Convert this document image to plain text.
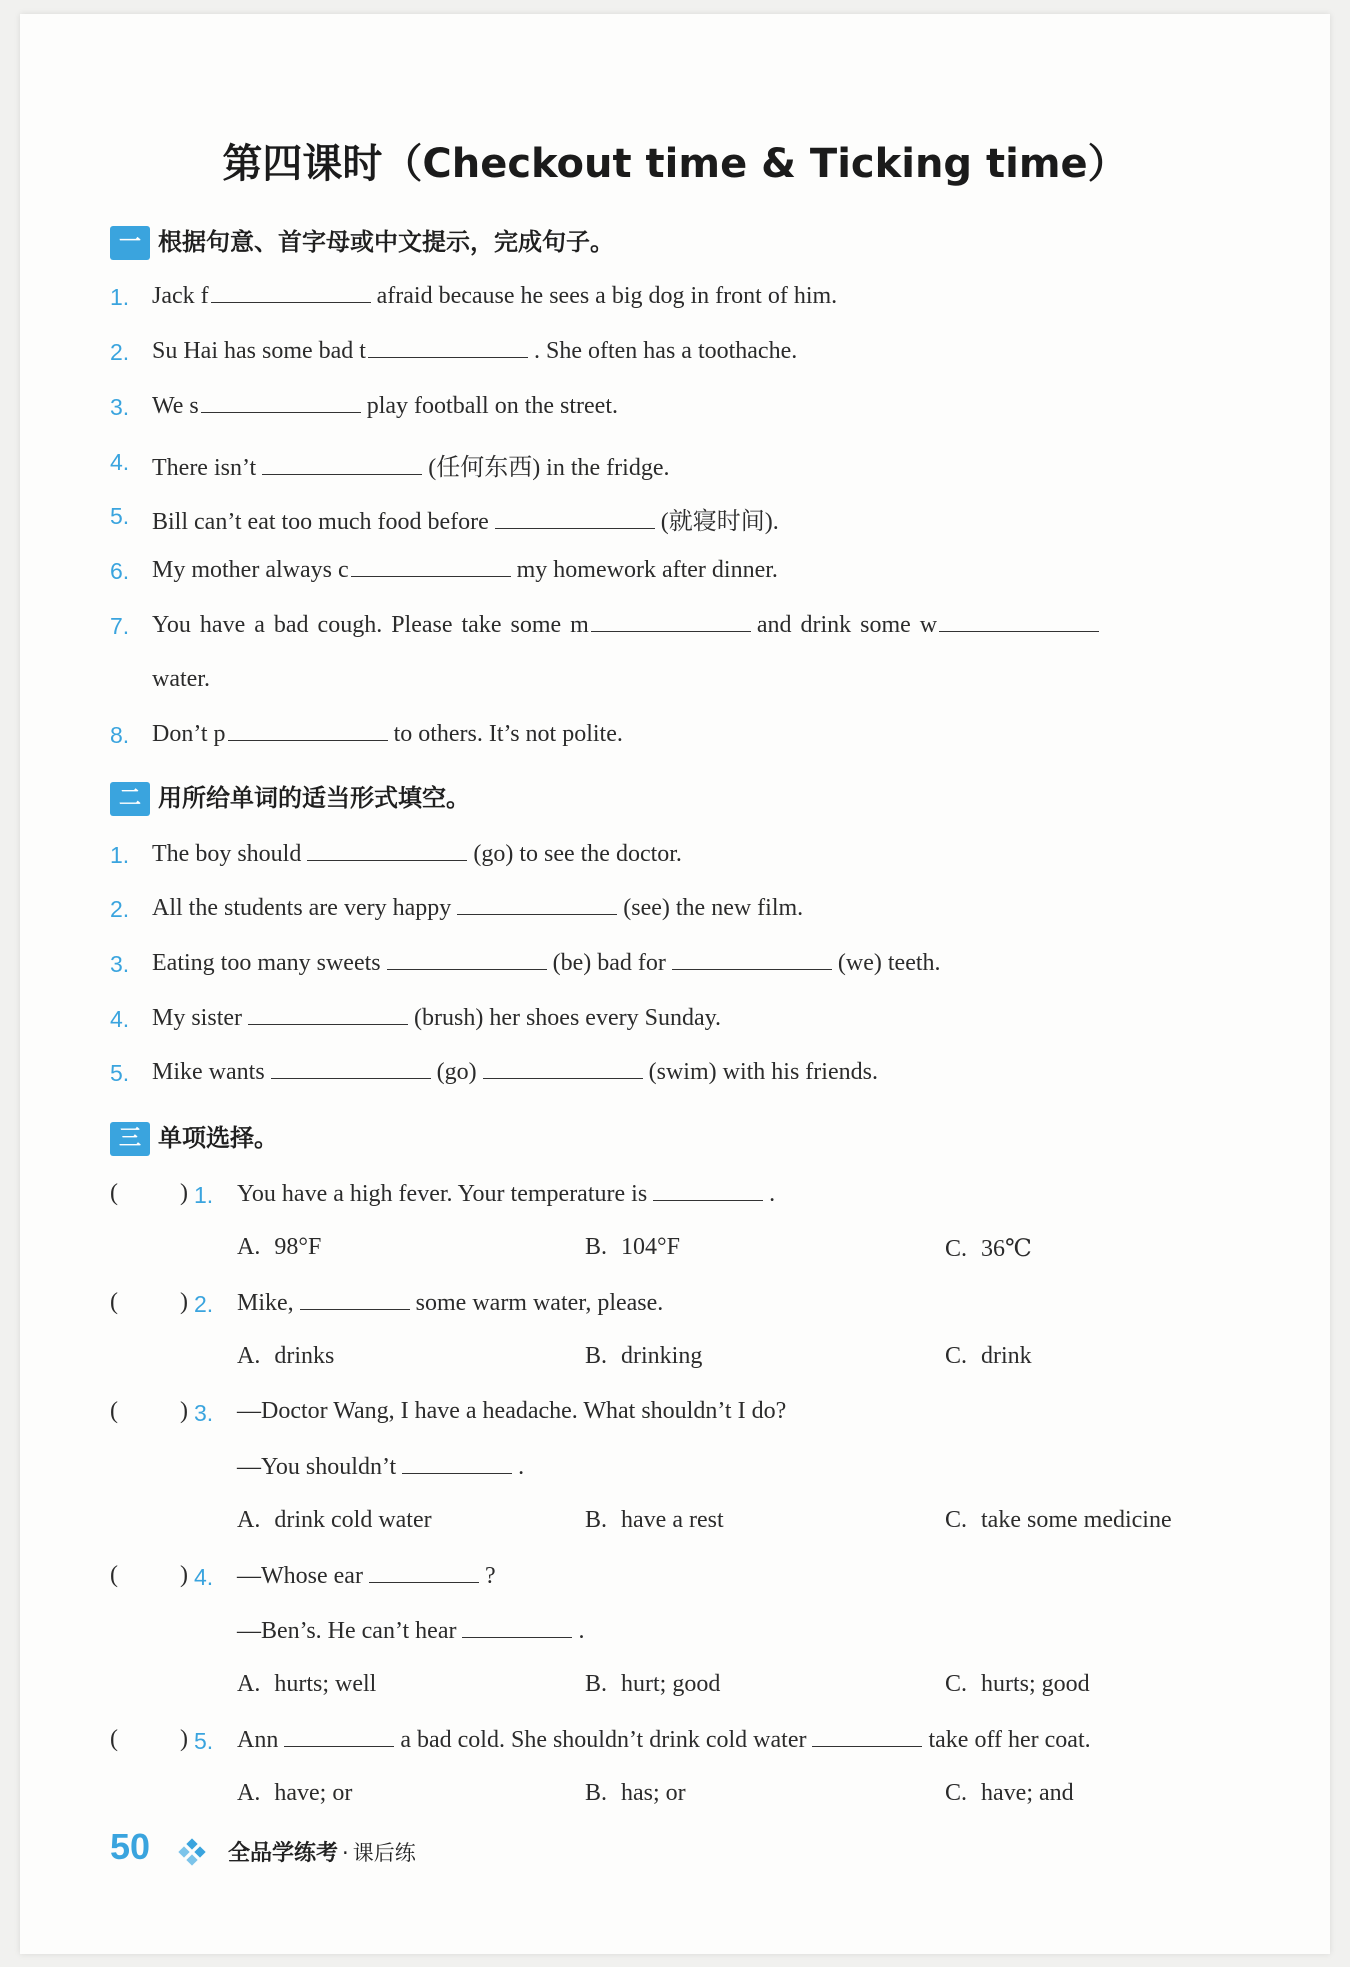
第四课时（Checkout time & Ticking time）
一 根据句意、首字母或中文提示，完成句子。
1. Jack f	afraid because he sees a big dog in front of him.
2. Su Hai has some bad t	. She often has a toothache.
3. We s	play football on the street.
4. There isn’t	(任何东西) in the fridge.
5. Bill can’t eat too much food before	(就寝时间).
6. My mother always c	my homework after dinner.
7. You have a bad cough. Please take some m	and drink some w
water.
8. Don’t p	to others. It’s not polite.
二 用所给单词的适当形式填空。
1. The boy should	(go) to see the doctor.
2. All the students are very happy	(see) the new film.
3. Eating too many sweets	(be) bad for	(we) teeth.
4. My sister	(brush) her shoes every Sunday.
5. Mike wants	(go)	(swim) with his friends.
三 单项选择。
(	) 1. You have a high fever. Your temperature is	.
A. 98°F	B. 104°F	C. 36℃
(	) 2. Mike,	some warm water, please.
A. drinks	B. drinking	C. drink
(	) 3. —Doctor Wang, I have a headache. What shouldn’t I do?
—You shouldn’t	.
A. drink cold water	B. have a rest	C. take some medicine
(	) 4. —Whose ear	?
—Ben’s. He can’t hear	.
A. hurts; well	B. hurt; good	C. hurts; good
(	) 5. Ann	a bad cold. She shouldn’t drink cold water	take off her coat.
A. have; or	B. has; or	C. have; and
50	全品学练考 · 课后练
